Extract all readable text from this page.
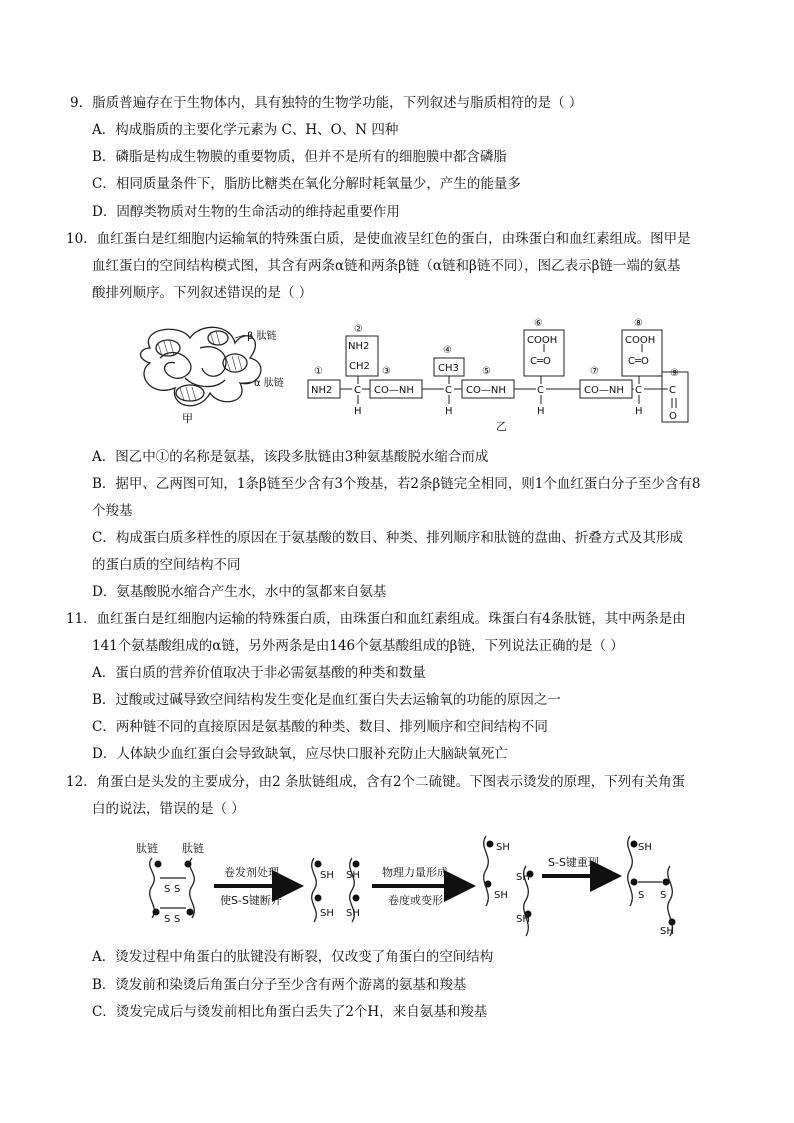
9．脂质普遍存在于生物体内，具有独特的生物学功能，下列叙述与脂质相符的是（ ）
A．构成脂质的主要化学元素为 C、H、O、N 四种
B．磷脂是构成生物膜的重要物质，但并不是所有的细胞膜中都含磷脂
C．相同质量条件下，脂肪比糖类在氧化分解时耗氧量少，产生的能量多
D．固醇类物质对生物的生命活动的维持起重要作用
10．血红蛋白是红细胞内运输氧的特殊蛋白质，是使血液呈红色的蛋白，由珠蛋白和血红素组成。图甲是
血红蛋白的空间结构模式图，其含有两条α链和两条β链（α链和β链不同），图乙表示β链一端的氨基
酸排列顺序。下列叙述错误的是（ ）
β 肽链
α 肽链
甲
①
②
③
④
⑤
⑥
⑦
⑧
⑨
NH2
NH2
CH2
C
H
CO—NH
CH3
C
H
CO—NH
COOH
C═O
C
H
CO—NH
COOH
C═O
C
H
C
O
乙
A．图乙中①的名称是氨基，该段多肽链由3种氨基酸脱水缩合而成
B．据甲、乙两图可知，1条β链至少含有3个羧基，若2条β链完全相同，则1个血红蛋白分子至少含有8
个羧基
C．构成蛋白质多样性的原因在于氨基酸的数目、种类、排列顺序和肽链的盘曲、折叠方式及其形成
的蛋白质的空间结构不同
D．氨基酸脱水缩合产生水，水中的氢都来自氨基
11．血红蛋白是红细胞内运输的特殊蛋白质，由珠蛋白和血红素组成。珠蛋白有4条肽链，其中两条是由
141个氨基酸组成的α链，另外两条是由146个氨基酸组成的β链，下列说法正确的是（ ）
A．蛋白质的营养价值取决于非必需氨基酸的种类和数量
B．过酸或过碱导致空间结构发生变化是血红蛋白失去运输氧的功能的原因之一
C．两种链不同的直接原因是氨基酸的种类、数目、排列顺序和空间结构不同
D．人体缺少血红蛋白会导致缺氧，应尽快口服补充防止大脑缺氧死亡
12．角蛋白是头发的主要成分，由2 条肽链组成，含有2个二硫键。下图表示烫发的原理，下列有关角蛋
白的说法，错误的是（ ）
肽链 肽链
S S
S S
SH SH
SH SH
SH
SH
SH
SH
SH
S S
SH
卷发剂处理
使S-S键断开
物理力量形成
卷度或变形
S-S键重现
A．烫发过程中角蛋白的肽键没有断裂，仅改变了角蛋白的空间结构
B．烫发前和染烫后角蛋白分子至少含有两个游离的氨基和羧基
C．烫发完成后与烫发前相比角蛋白丢失了2个H，来自氨基和羧基
